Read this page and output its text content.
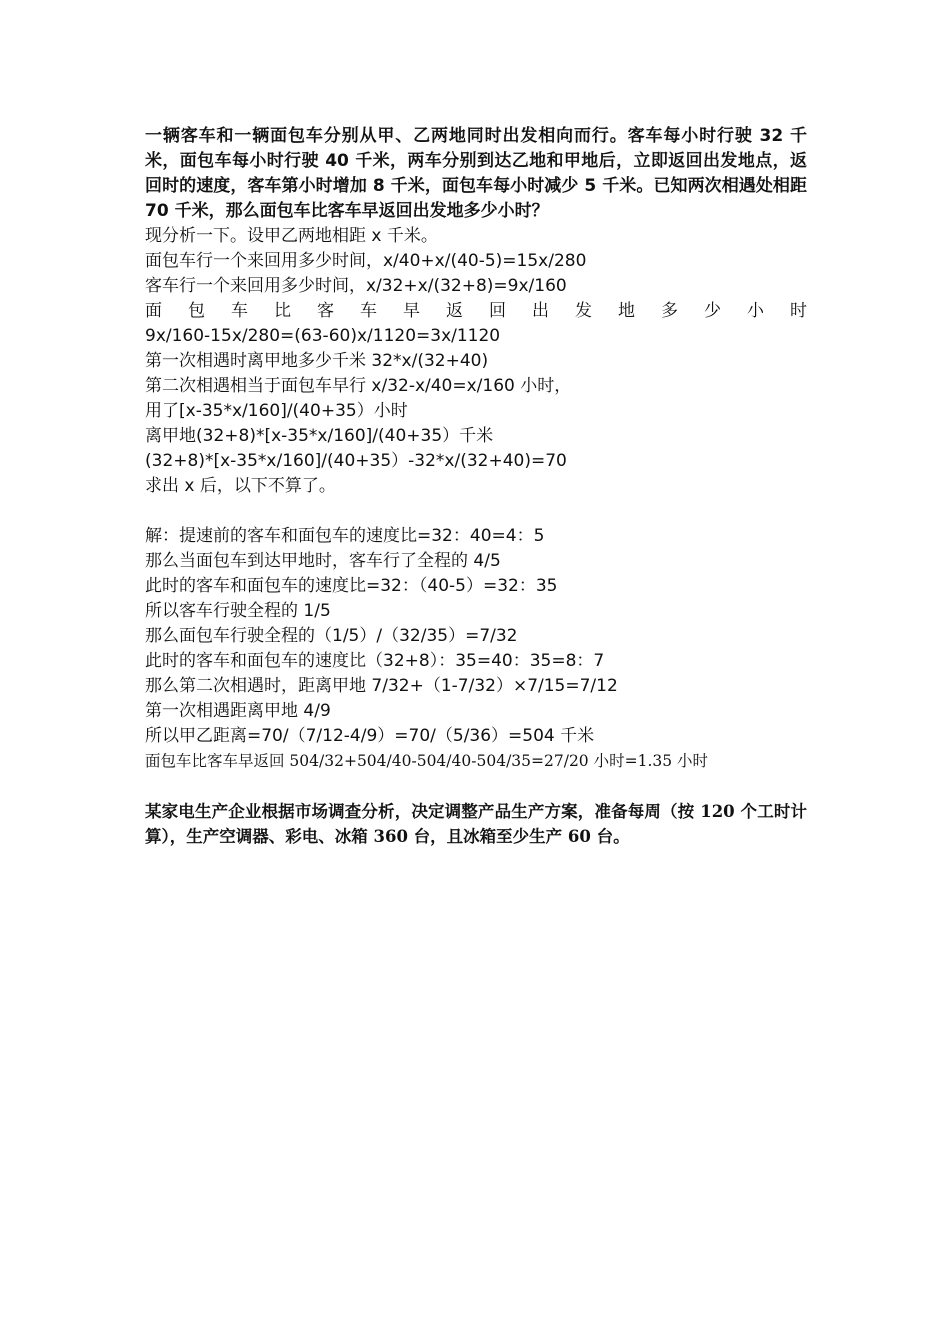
一辆客车和一辆面包车分别从甲、乙两地同时出发相向而行。客车每小时行驶 32 千米，面包车每小时行驶 40 千米，两车分别到达乙地和甲地后，立即返回出发地点，返回时的速度，客车第小时增加 8 千米，面包车每小时减少 5 千米。已知两次相遇处相距 70 千米，那么面包车比客车早返回出发地多少小时？

现分析一下。设甲乙两地相距 x 千米。

面包车行一个来回用多少时间，x/40+x/(40-5)=15x/280

客车行一个来回用多少时间，x/32+x/(32+8)=9x/160

面 包 车 比 客 车 早 返 回 出 发 地 多 少 小 时

9x/160-15x/280=(63-60)x/1120=3x/1120

第一次相遇时离甲地多少千米 32*x/(32+40)

第二次相遇相当于面包车早行 x/32-x/40=x/160 小时，

用了[x-35*x/160]/(40+35）小时

离甲地(32+8)*[x-35*x/160]/(40+35）千米

(32+8)*[x-35*x/160]/(40+35）-32*x/(32+40)=70

求出 x 后，以下不算了。

解：提速前的客车和面包车的速度比=32：40=4：5

那么当面包车到达甲地时，客车行了全程的 4/5

此时的客车和面包车的速度比=32：（40-5）=32：35

所以客车行驶全程的 1/5

那么面包车行驶全程的（1/5）/（32/35）=7/32

此时的客车和面包车的速度比（32+8）：35=40：35=8：7

那么第二次相遇时，距离甲地 7/32+（1-7/32）×7/15=7/12

第一次相遇距离甲地 4/9

所以甲乙距离=70/（7/12-4/9）=70/（5/36）=504 千米

面包车比客车早返回 504/32+504/40-504/40-504/35=27/20 小时=1.35 小时

某家电生产企业根据市场调查分析，决定调整产品生产方案，准备每周（按 120 个工时计算），生产空调器、彩电、冰箱 360 台，且冰箱至少生产 60 台。
